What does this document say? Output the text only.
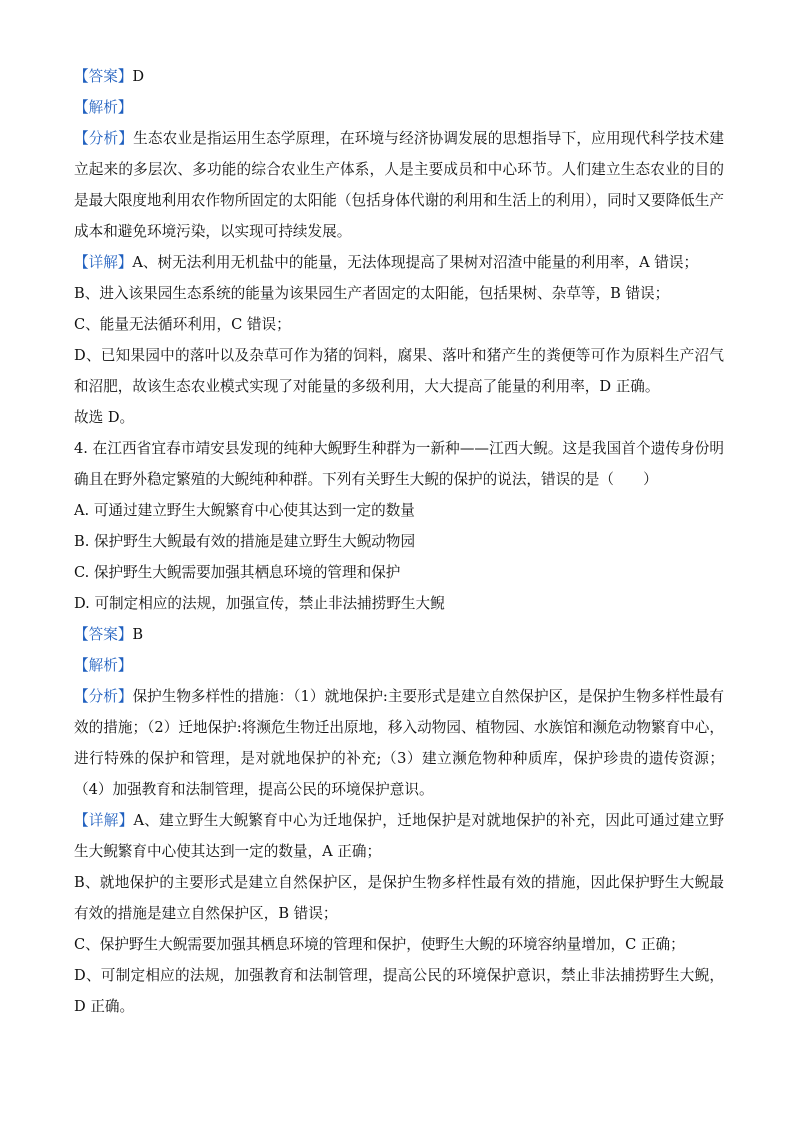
【答案】D

【解析】

【分析】生态农业是指运用生态学原理，在环境与经济协调发展的思想指导下，应用现代科学技术建立起来的多层次、多功能的综合农业生产体系，人是主要成员和中心环节。人们建立生态农业的目的是最大限度地利用农作物所固定的太阳能（包括身体代谢的利用和生活上的利用），同时又要降低生产成本和避免环境污染，以实现可持续发展。

【详解】A、树无法利用无机盐中的能量，无法体现提高了果树对沼渣中能量的利用率，A 错误；

B、进入该果园生态系统的能量为该果园生产者固定的太阳能，包括果树、杂草等，B 错误；

C、能量无法循环利用，C 错误；

D、已知果园中的落叶以及杂草可作为猪的饲料，腐果、落叶和猪产生的粪便等可作为原料生产沼气和沼肥，故该生态农业模式实现了对能量的多级利用，大大提高了能量的利用率，D 正确。

故选 D。

4. 在江西省宜春市靖安县发现的纯种大鲵野生种群为一新种——江西大鲵。这是我国首个遗传身份明确且在野外稳定繁殖的大鲵纯种种群。下列有关野生大鲵的保护的说法，错误的是（　　）

A. 可通过建立野生大鲵繁育中心使其达到一定的数量

B. 保护野生大鲵最有效的措施是建立野生大鲵动物园

C. 保护野生大鲵需要加强其栖息环境的管理和保护

D. 可制定相应的法规，加强宣传，禁止非法捕捞野生大鲵

【答案】B

【解析】

【分析】保护生物多样性的措施：（1）就地保护:主要形式是建立自然保护区，是保护生物多样性最有效的措施；（2）迁地保护:将濒危生物迁出原地，移入动物园、植物园、水族馆和濒危动物繁育中心，进行特殊的保护和管理，是对就地保护的补充;（3）建立濒危物种种质库，保护珍贵的遗传资源；（4）加强教育和法制管理，提高公民的环境保护意识。

【详解】A、建立野生大鲵繁育中心为迁地保护，迁地保护是对就地保护的补充，因此可通过建立野生大鲵繁育中心使其达到一定的数量，A 正确；

B、就地保护的主要形式是建立自然保护区，是保护生物多样性最有效的措施，因此保护野生大鲵最有效的措施是建立自然保护区，B 错误；

C、保护野生大鲵需要加强其栖息环境的管理和保护，使野生大鲵的环境容纳量增加，C 正确；

D、可制定相应的法规，加强教育和法制管理，提高公民的环境保护意识，禁止非法捕捞野生大鲵，D 正确。
